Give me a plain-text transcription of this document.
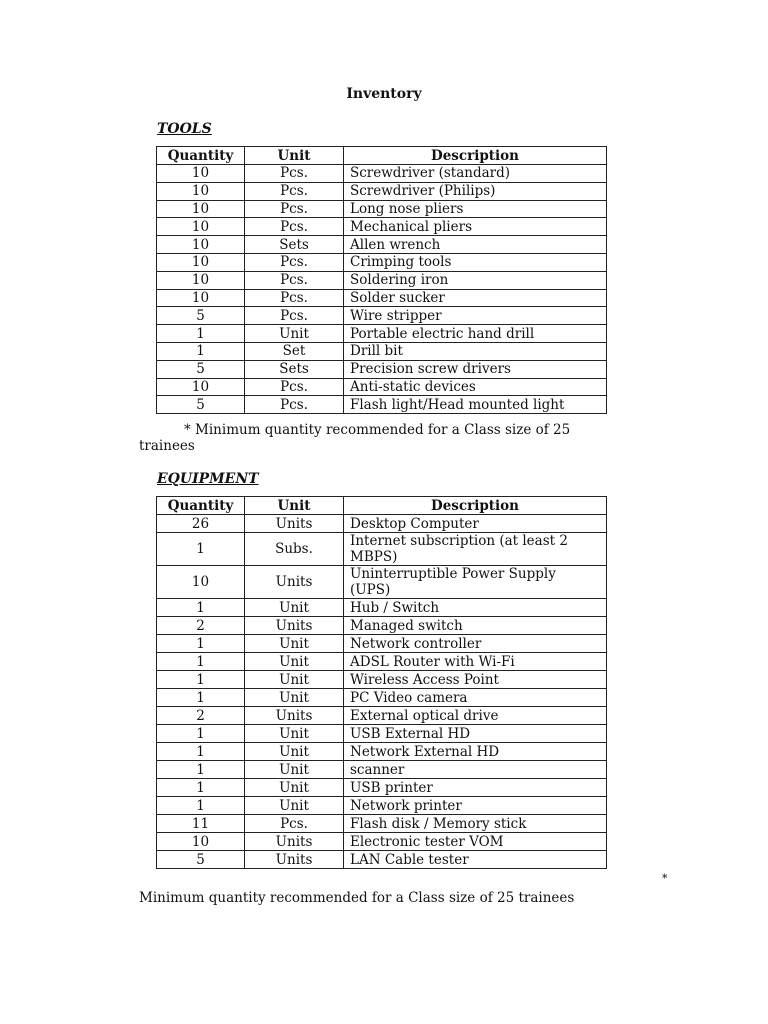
Inventory
TOOLS
Quantity	Unit	Description
10	Pcs.	Screwdriver (standard)
10	Pcs.	Screwdriver (Philips)
10	Pcs.	Long nose pliers
10	Pcs.	Mechanical pliers
10	Sets	Allen wrench
10	Pcs.	Crimping tools
10	Pcs.	Soldering iron
10	Pcs.	Solder sucker
5	Pcs.	Wire stripper
1	Unit	Portable electric hand drill
1	Set	Drill bit
5	Sets	Precision screw drivers
10	Pcs.	Anti-static devices
5	Pcs.	Flash light/Head mounted light
* Minimum quantity recommended for a Class size of 25
trainees
EQUIPMENT
Quantity	Unit	Description
26	Units	Desktop Computer
1	Subs.	Internet subscription (at least 2 MBPS)
10	Units	Uninterruptible Power Supply (UPS)
1	Unit	Hub / Switch
2	Units	Managed switch
1	Unit	Network controller
1	Unit	ADSL Router with Wi-Fi
1	Unit	Wireless Access Point
1	Unit	PC Video camera
2	Units	External optical drive
1	Unit	USB External HD
1	Unit	Network External HD
1	Unit	scanner
1	Unit	USB printer
1	Unit	Network printer
11	Pcs.	Flash disk / Memory stick
10	Units	Electronic tester VOM
5	Units	LAN Cable tester
*
Minimum quantity recommended for a Class size of 25 trainees
